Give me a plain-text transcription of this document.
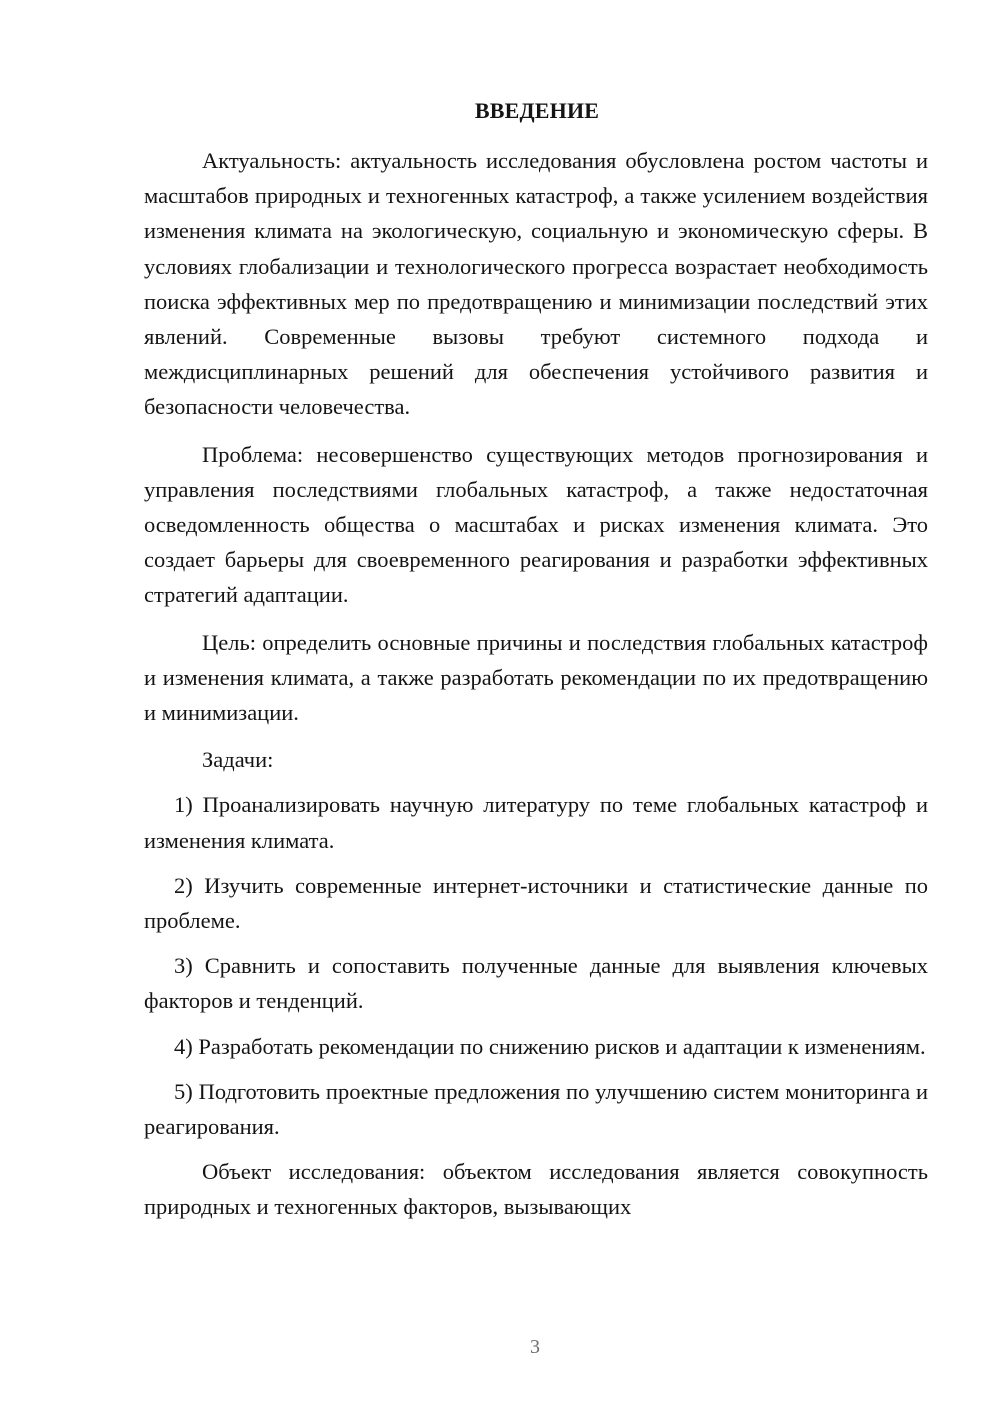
ВВЕДЕНИЕ

Актуальность: актуальность исследования обусловлена ростом частоты и масштабов природных и техногенных катастроф, а также усилением воздействия изменения климата на экологическую, социальную и экономическую сферы. В условиях глобализации и технологического прогресса возрастает необходимость поиска эффективных мер по предотвращению и минимизации последствий этих явлений. Современные вызовы требуют системного подхода и междисциплинарных решений для обеспечения устойчивого развития и безопасности человечества.

Проблема: несовершенство существующих методов прогнозирования и управления последствиями глобальных катастроф, а также недостаточная осведомленность общества о масштабах и рисках изменения климата. Это создает барьеры для своевременного реагирования и разработки эффективных стратегий адаптации.

Цель: определить основные причины и последствия глобальных катастроф и изменения климата, а также разработать рекомендации по их предотвращению и минимизации.

Задачи:

1) Проанализировать научную литературу по теме глобальных катастроф и изменения климата.

2) Изучить современные интернет-источники и статистические данные по проблеме.

3) Сравнить и сопоставить полученные данные для выявления ключевых факторов и тенденций.

4) Разработать рекомендации по снижению рисков и адаптации к изменениям.

5) Подготовить проектные предложения по улучшению систем мониторинга и реагирования.

Объект исследования: объектом исследования является совокупность природных и техногенных факторов, вызывающих

3
